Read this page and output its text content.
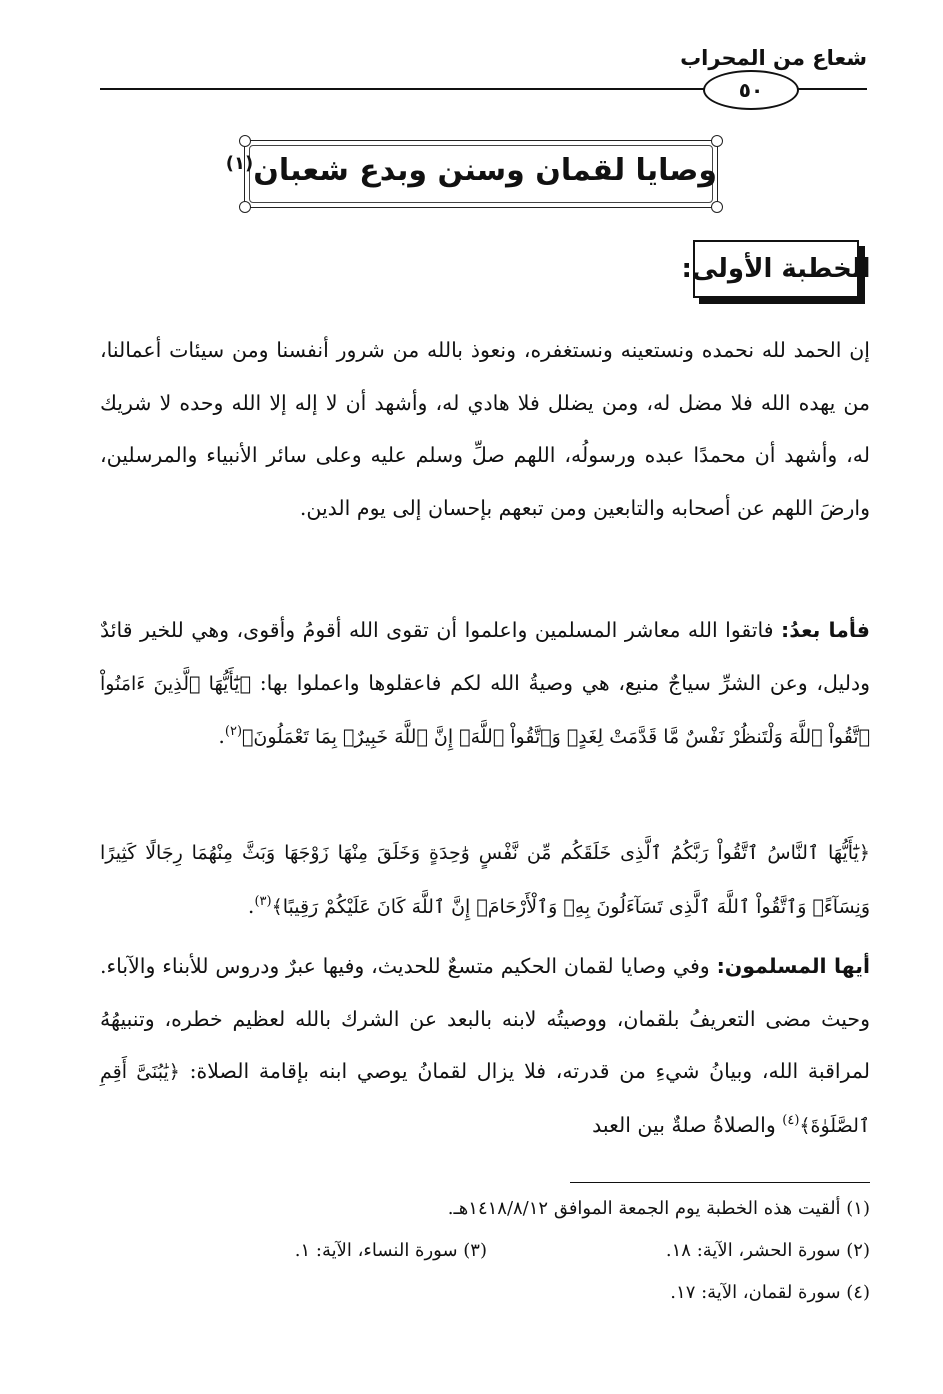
شعاع من المحراب
٥٠
وصايا لقمان وسنن وبدع شعبان$^{(١)}$
الخطبة الأولى:

إن الحمد لله نحمده ونستعينه ونستغفره، ونعوذ بالله من شرور أنفسنا ومن سيئات أعمالنا، من يهده الله فلا مضل له، ومن يضلل فلا هادي له، وأشهد أن لا إله إلا الله وحده لا شريك له، وأشهد أن محمدًا عبده ورسولُه، اللهم صلِّ وسلم عليه وعلى سائر الأنبياء والمرسلين، وارضَ اللهم عن أصحابه والتابعين ومن تبعهم بإحسان إلى يوم الدين.

فأما بعدُ: فاتقوا الله معاشر المسلمين واعلموا أن تقوى الله أقومُ وأقوى، وهي للخير قائدٌ ودليل، وعن الشرِّ سياجٌ منيع، هي وصيةُ الله لكم فاعقلوها واعملوا بها: ﴿يَٰٓأَيُّهَا ٱلَّذِينَ ءَامَنُواْ ٱتَّقُواْ ٱللَّهَ وَلْتَنظُرْ نَفْسٌ مَّا قَدَّمَتْ لِغَدٍۖ وَٱتَّقُواْ ٱللَّهَۚ إِنَّ ٱللَّهَ خَبِيرٌۢ بِمَا تَعْمَلُونَ﴾$^{(٢)}$.

﴿يَٰٓأَيُّهَا ٱلنَّاسُ ٱتَّقُواْ رَبَّكُمُ ٱلَّذِى خَلَقَكُم مِّن نَّفْسٍ وَٰحِدَةٍ وَخَلَقَ مِنْهَا زَوْجَهَا وَبَثَّ مِنْهُمَا رِجَالًا كَثِيرًا وَنِسَآءًۚ وَٱتَّقُواْ ٱللَّهَ ٱلَّذِى تَسَآءَلُونَ بِهِۦ وَٱلْأَرْحَامَۚ إِنَّ ٱللَّهَ كَانَ عَلَيْكُمْ رَقِيبًا﴾$^{(٣)}$.

أيها المسلمون: وفي وصايا لقمان الحكيم متسعٌ للحديث، وفيها عبرٌ ودروس للأبناء والآباء. وحيث مضى التعريفُ بلقمان، ووصيتُه لابنه بالبعد عن الشرك بالله لعظيم خطره، وتنبيهُهُ لمراقبة الله، وبيانُ شيءِ من قدرته، فلا يزال لقمانُ يوصي ابنه بإقامة الصلاة: ﴿يَٰبُنَىَّ أَقِمِ ٱلصَّلَوٰةَ﴾$^{(٤)}$ والصلاةُ صلةٌ بين العبد

(١) ألقيت هذه الخطبة يوم الجمعة الموافق ١٤١٨/٨/١٢هـ.
(٢) سورة الحشر، الآية: ١٨.
(٣) سورة النساء، الآية: ١.
(٤) سورة لقمان، الآية: ١٧.
